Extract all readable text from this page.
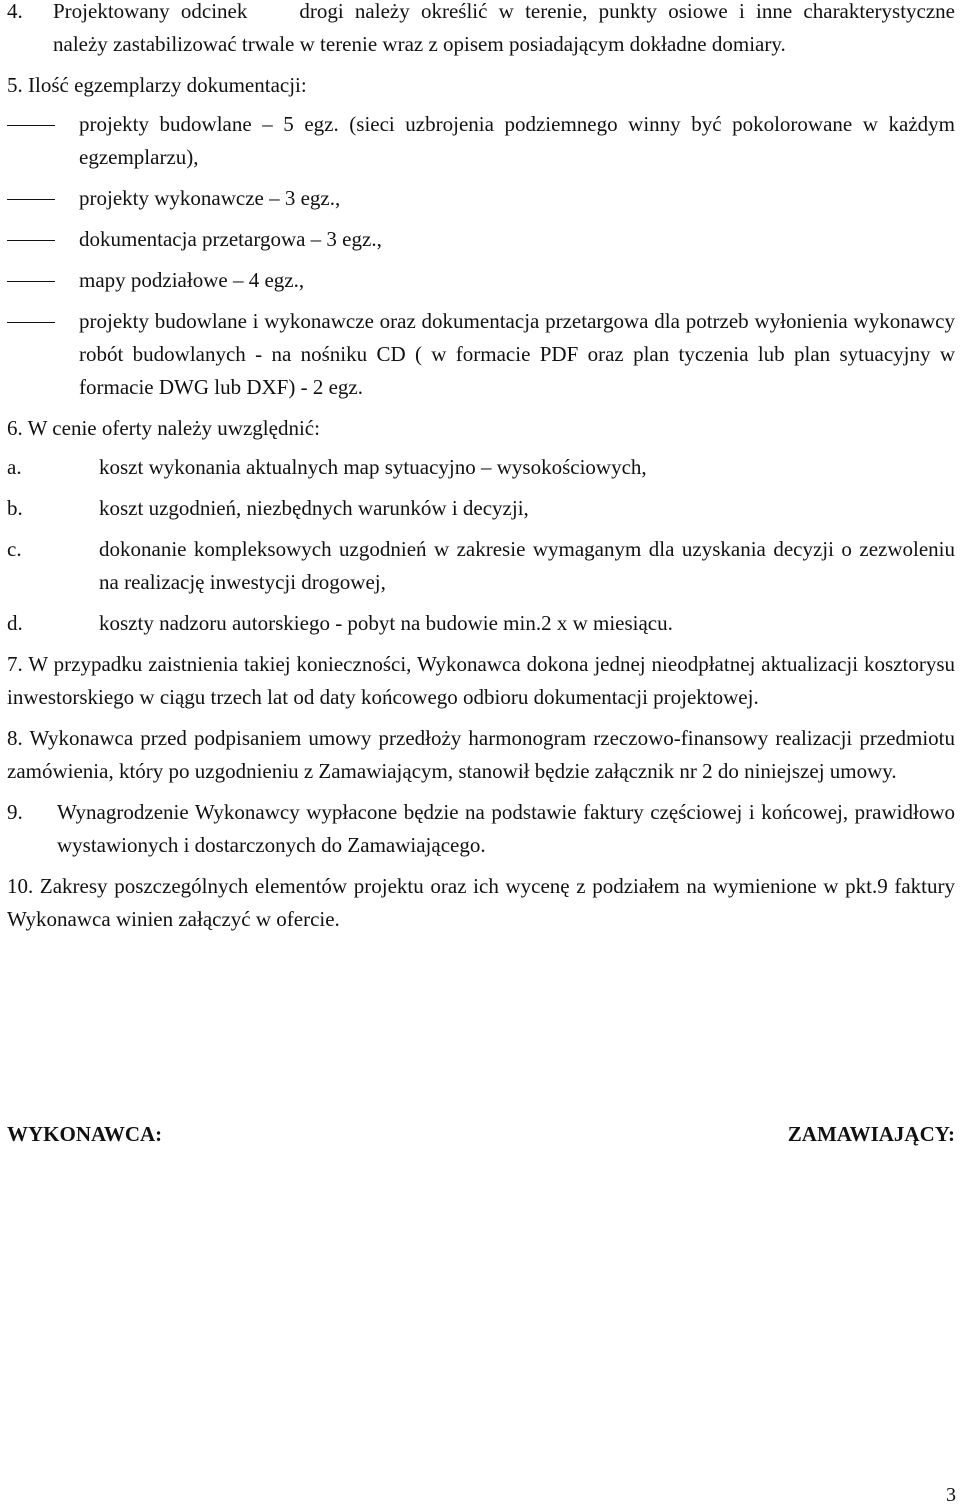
4.	Projektowany odcinek drogi należy określić w terenie, punkty osiowe i inne charakterystyczne należy zastabilizować trwale w terenie wraz z opisem posiadającym dokładne domiary.

5. Ilość egzemplarzy dokumentacji:

projekty budowlane – 5 egz. (sieci uzbrojenia podziemnego winny być pokolorowane w każdym egzemplarzu),

projekty wykonawcze – 3 egz.,

dokumentacja przetargowa – 3 egz.,

mapy podziałowe – 4 egz.,

projekty budowlane i wykonawcze oraz dokumentacja przetargowa dla potrzeb wyłonienia wykonawcy robót budowlanych - na nośniku CD ( w formacie PDF oraz plan tyczenia lub plan sytuacyjny w formacie DWG lub DXF) - 2 egz.

6. W cenie oferty należy uwzględnić:

a.	koszt wykonania aktualnych map sytuacyjno – wysokościowych,

b.	koszt uzgodnień, niezbędnych warunków i decyzji,

c.	dokonanie kompleksowych uzgodnień w zakresie wymaganym dla uzyskania decyzji o zezwoleniu na realizację inwestycji drogowej,

d.	koszty nadzoru autorskiego - pobyt na budowie min.2 x w miesiącu.

7. W przypadku zaistnienia takiej konieczności, Wykonawca dokona jednej nieodpłatnej aktualizacji kosztorysu inwestorskiego w ciągu trzech lat od daty końcowego odbioru dokumentacji projektowej.

8. Wykonawca przed podpisaniem umowy przedłoży harmonogram rzeczowo-finansowy realizacji przedmiotu zamówienia, który po uzgodnieniu z Zamawiającym, stanowił będzie załącznik nr 2 do niniejszej umowy.

9.	Wynagrodzenie Wykonawcy wypłacone będzie na podstawie faktury częściowej i końcowej, prawidłowo wystawionych i dostarczonych do Zamawiającego.

10. Zakresy poszczególnych elementów projektu oraz ich wycenę z podziałem na wymienione w pkt.9 faktury Wykonawca winien załączyć w ofercie.

WYKONAWCA:	ZAMAWIAJĄCY:
3
